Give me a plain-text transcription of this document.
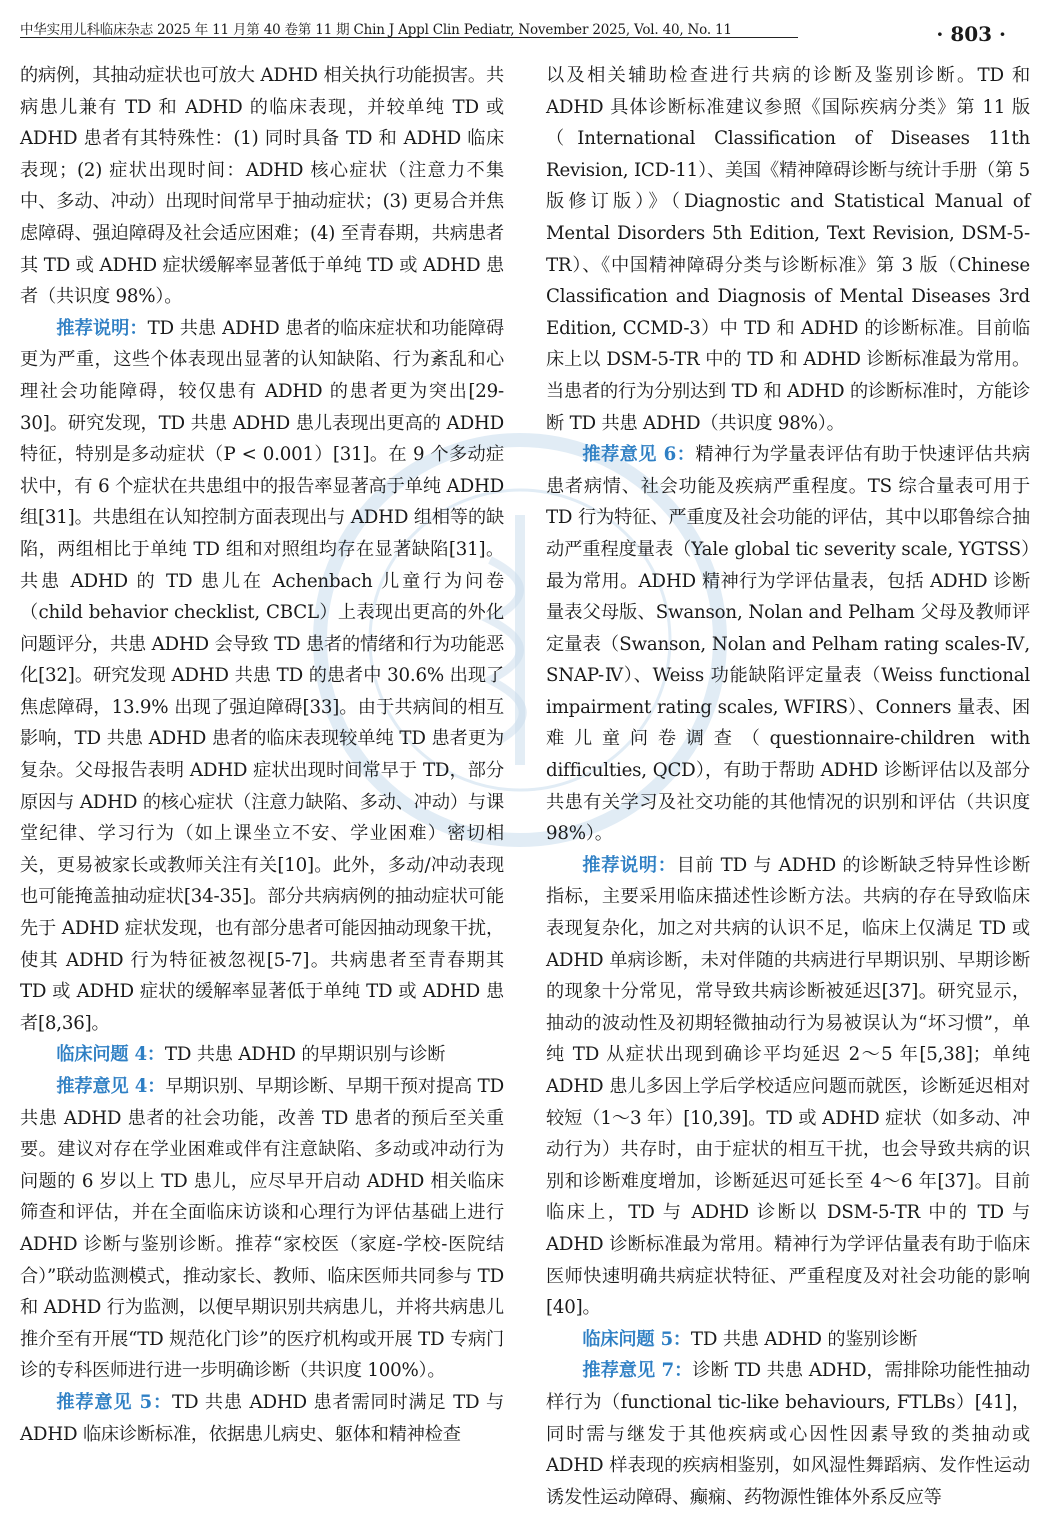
中华实用儿科临床杂志 2025 年 11 月第 40 卷第 11 期 Chin J Appl Clin Pediatr, November 2025, Vol. 40, No. 11	· 803 ·

的病例，其抽动症状也可放大 ADHD 相关执行功能损害。共病患儿兼有 TD 和 ADHD 的临床表现，并较单纯 TD 或 ADHD 患者有其特殊性：(1) 同时具备 TD 和 ADHD 临床表现；(2) 症状出现时间：ADHD 核心症状（注意力不集中、多动、冲动）出现时间常早于抽动症状；(3) 更易合并焦虑障碍、强迫障碍及社会适应困难；(4) 至青春期，共病患者其 TD 或 ADHD 症状缓解率显著低于单纯 TD 或 ADHD 患者（共识度 98%）。

推荐说明：TD 共患 ADHD 患者的临床症状和功能障碍更为严重，这些个体表现出显著的认知缺陷、行为紊乱和心理社会功能障碍，较仅患有 ADHD 的患者更为突出[29-30]。研究发现，TD 共患 ADHD 患儿表现出更高的 ADHD 特征，特别是多动症状（P < 0.001）[31]。在 9 个多动症状中，有 6 个症状在共患组中的报告率显著高于单纯 ADHD 组[31]。共患组在认知控制方面表现出与 ADHD 组相等的缺陷，两组相比于单纯 TD 组和对照组均存在显著缺陷[31]。共患 ADHD 的 TD 患儿在 Achenbach 儿童行为问卷（child behavior checklist, CBCL）上表现出更高的外化问题评分，共患 ADHD 会导致 TD 患者的情绪和行为功能恶化[32]。研究发现 ADHD 共患 TD 的患者中 30.6% 出现了焦虑障碍，13.9% 出现了强迫障碍[33]。由于共病间的相互影响，TD 共患 ADHD 患者的临床表现较单纯 TD 患者更为复杂。父母报告表明 ADHD 症状出现时间常早于 TD，部分原因与 ADHD 的核心症状（注意力缺陷、多动、冲动）与课堂纪律、学习行为（如上课坐立不安、学业困难）密切相关，更易被家长或教师关注有关[10]。此外，多动/冲动表现也可能掩盖抽动症状[34-35]。部分共病病例的抽动症状可能先于 ADHD 症状发现，也有部分患者可能因抽动现象干扰，使其 ADHD 行为特征被忽视[5-7]。共病患者至青春期其 TD 或 ADHD 症状的缓解率显著低于单纯 TD 或 ADHD 患者[8,36]。

临床问题 4：TD 共患 ADHD 的早期识别与诊断

推荐意见 4：早期识别、早期诊断、早期干预对提高 TD 共患 ADHD 患者的社会功能，改善 TD 患者的预后至关重要。建议对存在学业困难或伴有注意缺陷、多动或冲动行为问题的 6 岁以上 TD 患儿，应尽早开启动 ADHD 相关临床筛查和评估，并在全面临床访谈和心理行为评估基础上进行 ADHD 诊断与鉴别诊断。推荐“家校医（家庭-学校-医院结合）”联动监测模式，推动家长、教师、临床医师共同参与 TD 和 ADHD 行为监测，以便早期识别共病患儿，并将共病患儿推介至有开展“TD 规范化门诊”的医疗机构或开展 TD 专病门诊的专科医师进行进一步明确诊断（共识度 100%）。

推荐意见 5：TD 共患 ADHD 患者需同时满足 TD 与 ADHD 临床诊断标准，依据患儿病史、躯体和精神检查

以及相关辅助检查进行共病的诊断及鉴别诊断。TD 和 ADHD 具体诊断标准建议参照《国际疾病分类》第 11 版（International Classification of Diseases 11th Revision, ICD-11）、美国《精神障碍诊断与统计手册（第 5 版修订版）》（Diagnostic and Statistical Manual of Mental Disorders 5th Edition, Text Revision, DSM-5-TR）、《中国精神障碍分类与诊断标准》第 3 版（Chinese Classification and Diagnosis of Mental Diseases 3rd Edition, CCMD-3）中 TD 和 ADHD 的诊断标准。目前临床上以 DSM-5-TR 中的 TD 和 ADHD 诊断标准最为常用。当患者的行为分别达到 TD 和 ADHD 的诊断标准时，方能诊断 TD 共患 ADHD（共识度 98%）。

推荐意见 6：精神行为学量表评估有助于快速评估共病患者病情、社会功能及疾病严重程度。TS 综合量表可用于 TD 行为特征、严重度及社会功能的评估，其中以耶鲁综合抽动严重程度量表（Yale global tic severity scale, YGTSS）最为常用。ADHD 精神行为学评估量表，包括 ADHD 诊断量表父母版、Swanson, Nolan and Pelham 父母及教师评定量表（Swanson, Nolan and Pelham rating scales-Ⅳ, SNAP-Ⅳ）、Weiss 功能缺陷评定量表（Weiss functional impairment rating scales, WFIRS）、Conners 量表、困难儿童问卷调查（questionnaire-children with difficulties, QCD），有助于帮助 ADHD 诊断评估以及部分共患有关学习及社交功能的其他情况的识别和评估（共识度 98%）。

推荐说明：目前 TD 与 ADHD 的诊断缺乏特异性诊断指标，主要采用临床描述性诊断方法。共病的存在导致临床表现复杂化，加之对共病的认识不足，临床上仅满足 TD 或 ADHD 单病诊断，未对伴随的共病进行早期识别、早期诊断的现象十分常见，常导致共病诊断被延迟[37]。研究显示，抽动的波动性及初期轻微抽动行为易被误认为“坏习惯”，单纯 TD 从症状出现到确诊平均延迟 2～5 年[5,38]；单纯 ADHD 患儿多因上学后学校适应问题而就医，诊断延迟相对较短（1～3 年）[10,39]。TD 或 ADHD 症状（如多动、冲动行为）共存时，由于症状的相互干扰，也会导致共病的识别和诊断难度增加，诊断延迟可延长至 4～6 年[37]。目前临床上，TD 与 ADHD 诊断以 DSM-5-TR 中的 TD 与 ADHD 诊断标准最为常用。精神行为学评估量表有助于临床医师快速明确共病症状特征、严重程度及对社会功能的影响[40]。

临床问题 5：TD 共患 ADHD 的鉴别诊断

推荐意见 7：诊断 TD 共患 ADHD，需排除功能性抽动样行为（functional tic-like behaviours, FTLBs）[41]，同时需与继发于其他疾病或心因性因素导致的类抽动或 ADHD 样表现的疾病相鉴别，如风湿性舞蹈病、发作性运动诱发性运动障碍、癫痫、药物源性锥体外系反应等
